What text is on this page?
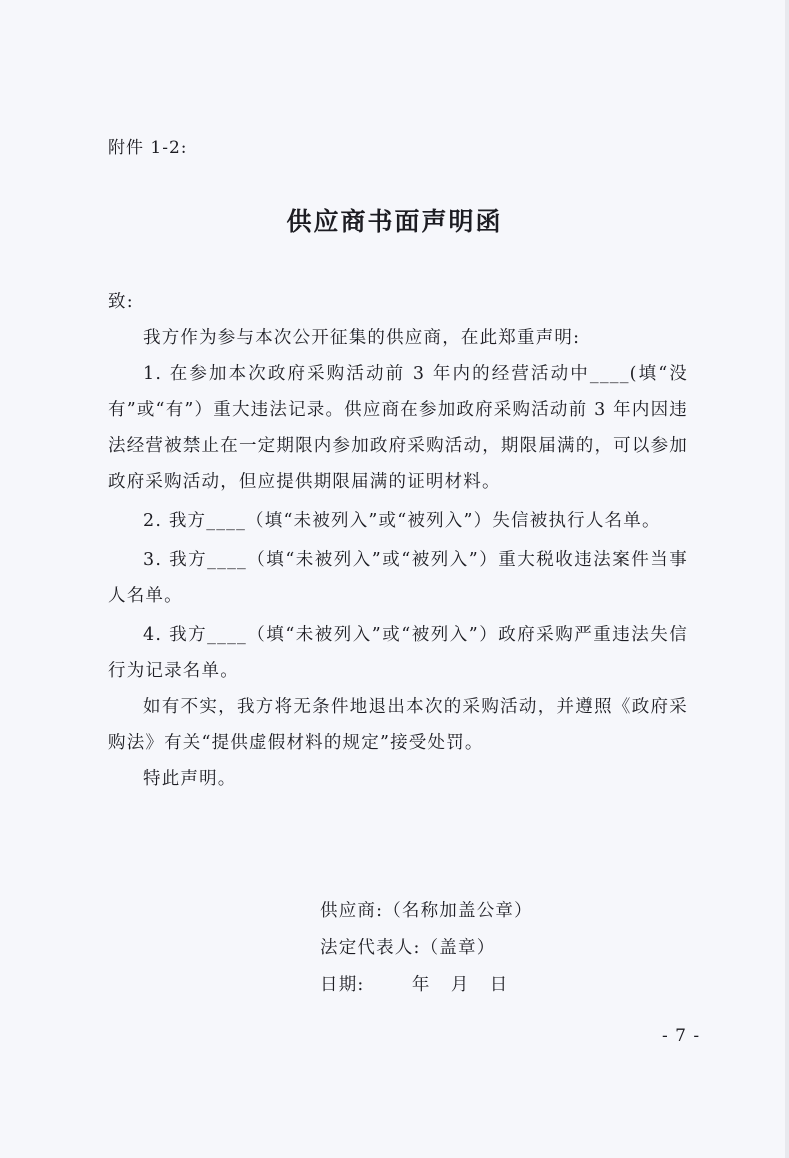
附件 1-2:
供应商书面声明函

致:

我方作为参与本次公开征集的供应商，在此郑重声明:

1. 在参加本次政府采购活动前 3 年内的经营活动中____(填“没有”或“有”）重大违法记录。供应商在参加政府采购活动前 3 年内因违法经营被禁止在一定期限内参加政府采购活动，期限届满的，可以参加政府采购活动，但应提供期限届满的证明材料。

2. 我方____（填“未被列入”或“被列入”）失信被执行人名单。

3. 我方____（填“未被列入”或“被列入”）重大税收违法案件当事人名单。

4. 我方____（填“未被列入”或“被列入”）政府采购严重违法失信行为记录名单。

如有不实，我方将无条件地退出本次的采购活动，并遵照《政府采购法》有关“提供虚假材料的规定”接受处罚。

特此声明。

供应商:（名称加盖公章）
法定代表人:（盖章）
日期:       年   月   日
- 7 -
